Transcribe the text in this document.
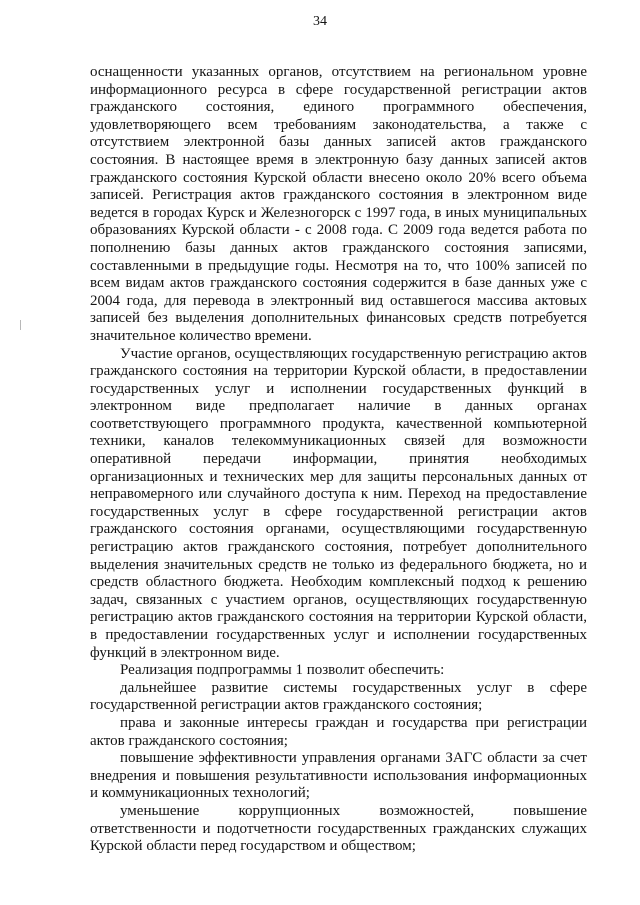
34

оснащенности указанных органов, отсутствием на региональном уровне информационного ресурса в сфере государственной регистрации актов гражданского состояния, единого программного обеспечения, удовлетворяющего всем требованиям законодательства, а также с отсутствием электронной базы данных записей актов гражданского состояния. В настоящее время в электронную базу данных записей актов гражданского состояния Курской области внесено около 20% всего объема записей. Регистрация актов гражданского состояния в электронном виде ведется в городах Курск и Железногорск с 1997 года, в иных муниципальных образованиях Курской области - с 2008 года. С 2009 года ведется работа по пополнению базы данных актов гражданского состояния записями, составленными в предыдущие годы. Несмотря на то, что 100% записей по всем видам актов гражданского состояния содержится в базе данных уже с 2004 года, для перевода в электронный вид оставшегося массива актовых записей без выделения дополнительных финансовых средств потребуется значительное количество времени.

Участие органов, осуществляющих государственную регистрацию актов гражданского состояния на территории Курской области, в предоставлении государственных услуг и исполнении государственных функций в электронном виде предполагает наличие в данных органах соответствующего программного продукта, качественной компьютерной техники, каналов телекоммуникационных связей для возможности оперативной передачи информации, принятия необходимых организационных и технических мер для защиты персональных данных от неправомерного или случайного доступа к ним. Переход на предоставление государственных услуг в сфере государственной регистрации актов гражданского состояния органами, осуществляющими государственную регистрацию актов гражданского состояния, потребует дополнительного выделения значительных средств не только из федерального бюджета, но и средств областного бюджета. Необходим комплексный подход к решению задач, связанных с участием органов, осуществляющих государственную регистрацию актов гражданского состояния на территории Курской области, в предоставлении государственных услуг и исполнении государственных функций в электронном виде.

Реализация подпрограммы 1 позволит обеспечить:

дальнейшее развитие системы государственных услуг в сфере государственной регистрации актов гражданского состояния;

права и законные интересы граждан и государства при регистрации актов гражданского состояния;

повышение эффективности управления органами ЗАГС области за счет внедрения и повышения результативности использования информационных и коммуникационных технологий;

уменьшение коррупционных возможностей, повышение ответственности и подотчетности государственных гражданских служащих Курской области перед государством и обществом;
